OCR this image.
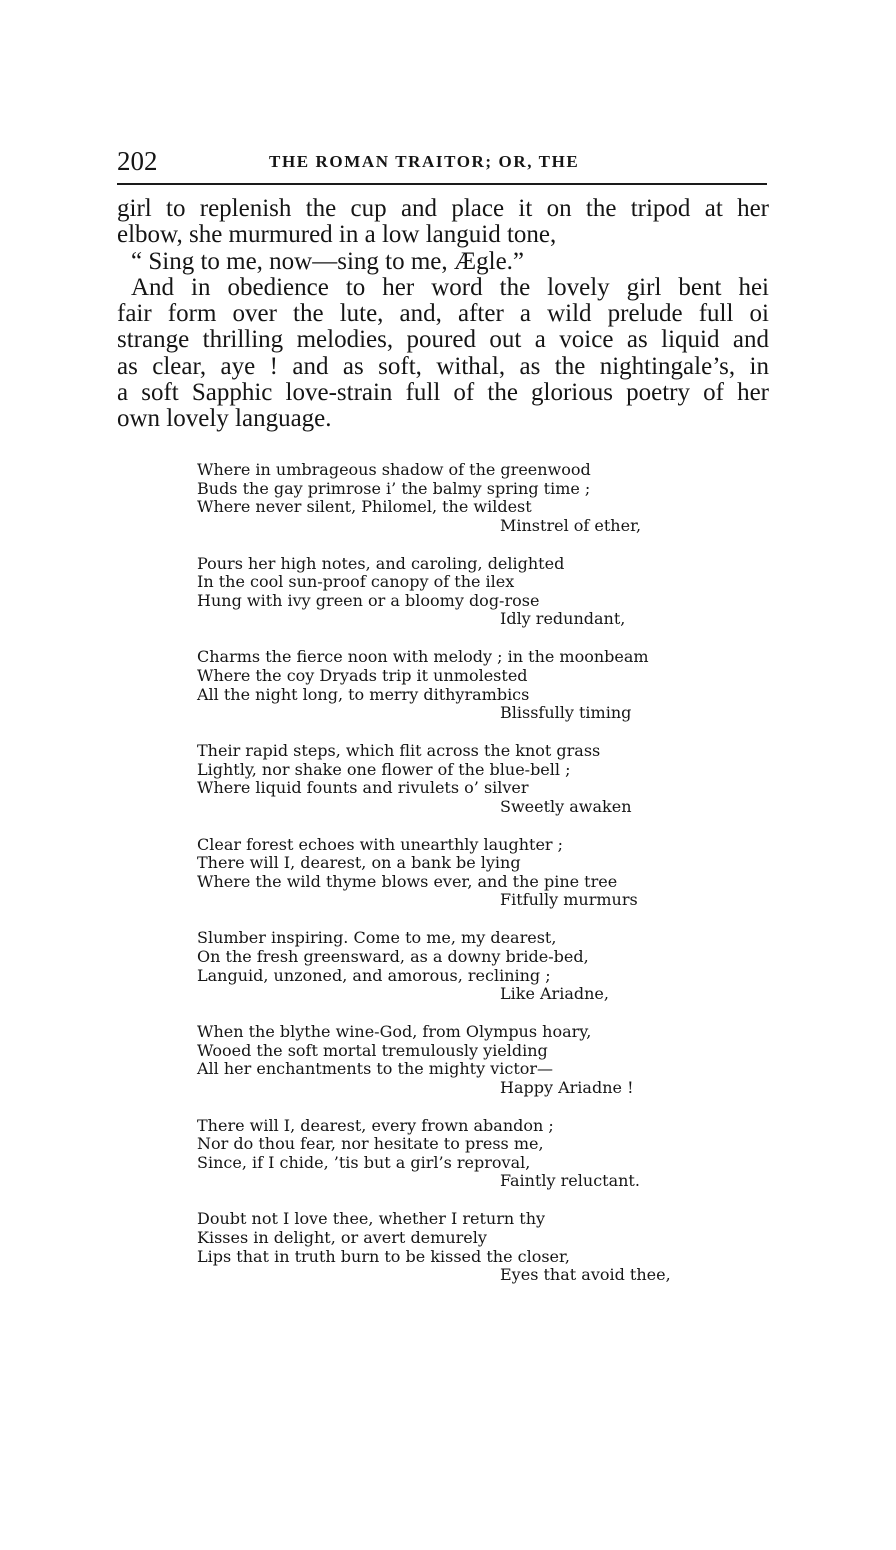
202	THE ROMAN TRAITOR; OR, THE
girl to replenish the cup and place it on the tripod at her
elbow, she murmured in a low languid tone,
“ Sing to me, now—sing to me, Ægle.”
And in obedience to her word the lovely girl bent hei
fair form over the lute, and, after a wild prelude full oi
strange thrilling melodies, poured out a voice as liquid and
as clear, aye ! and as soft, withal, as the nightingale’s, in
a soft Sapphic love-strain full of the glorious poetry of her
own lovely language.
Where in umbrageous shadow of the greenwood
Buds the gay primrose i’ the balmy spring time ;
Where never silent, Philomel, the wildest
Minstrel of ether,
Pours her high notes, and caroling, delighted
In the cool sun-proof canopy of the ilex
Hung with ivy green or a bloomy dog-rose
Idly redundant,
Charms the fierce noon with melody ; in the moonbeam
Where the coy Dryads trip it unmolested
All the night long, to merry dithyrambics
Blissfully timing
Their rapid steps, which flit across the knot grass
Lightly, nor shake one flower of the blue-bell ;
Where liquid founts and rivulets o’ silver
Sweetly awaken
Clear forest echoes with unearthly laughter ;
There will I, dearest, on a bank be lying
Where the wild thyme blows ever, and the pine tree
Fitfully murmurs
Slumber inspiring. Come to me, my dearest,
On the fresh greensward, as a downy bride-bed,
Languid, unzoned, and amorous, reclining ;
Like Ariadne,
When the blythe wine-God, from Olympus hoary,
Wooed the soft mortal tremulously yielding
All her enchantments to the mighty victor—
Happy Ariadne !
There will I, dearest, every frown abandon ;
Nor do thou fear, nor hesitate to press me,
Since, if I chide, ’tis but a girl’s reproval,
Faintly reluctant.
Doubt not I love thee, whether I return thy
Kisses in delight, or avert demurely
Lips that in truth burn to be kissed the closer,
Eyes that avoid thee,
